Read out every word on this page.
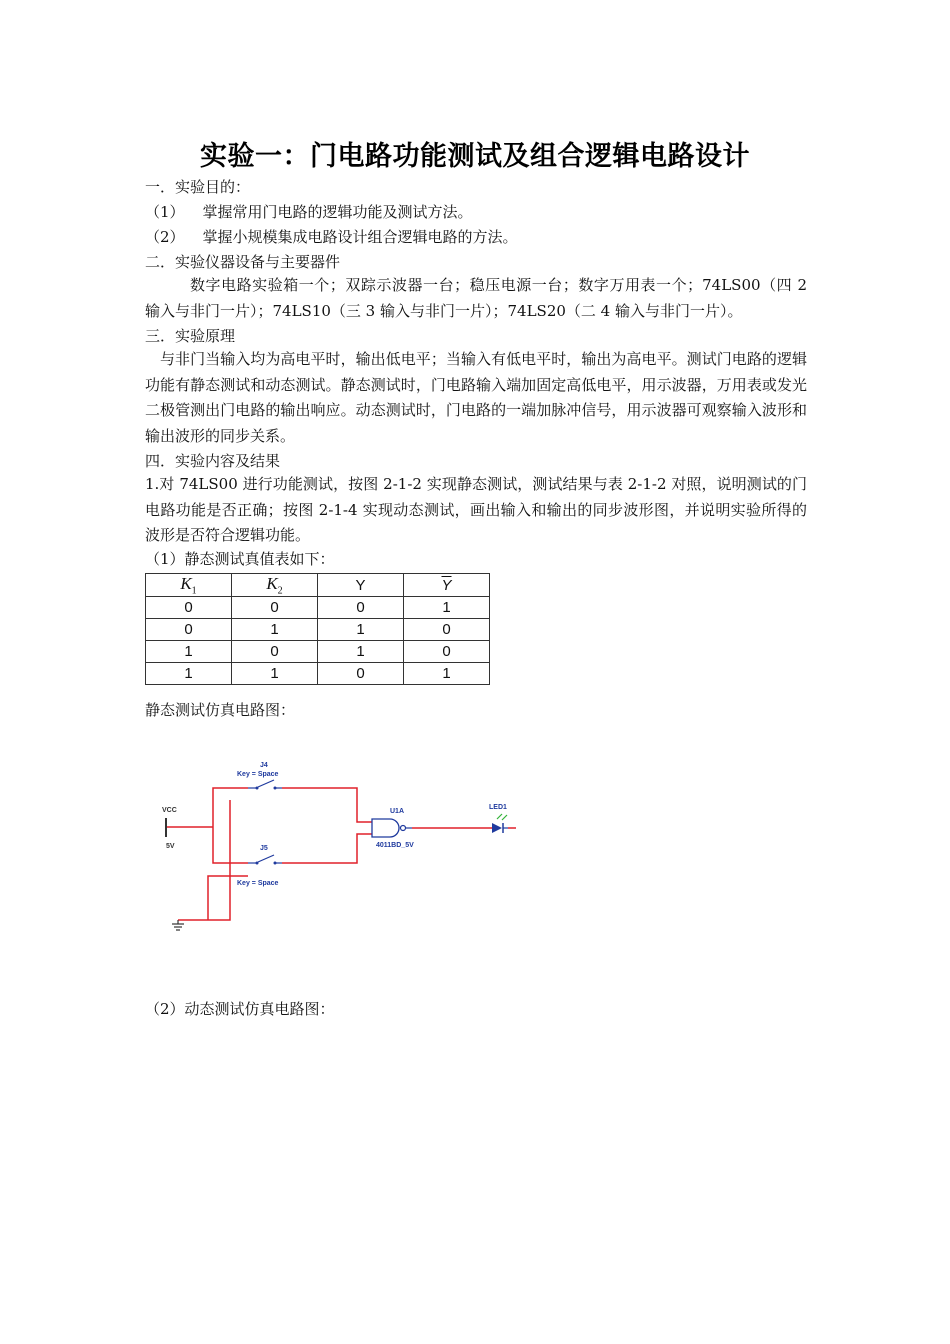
实验一：门电路功能测试及组合逻辑电路设计
一．实验目的：
（1） 掌握常用门电路的逻辑功能及测试方法。
（2） 掌握小规模集成电路设计组合逻辑电路的方法。
二．实验仪器设备与主要器件
数字电路实验箱一个；双踪示波器一台；稳压电源一台；数字万用表一个；74LS00（四 2 输入与非门一片）；74LS10（三 3 输入与非门一片）；74LS20（二 4 输入与非门一片）。
三．实验原理
与非门当输入均为高电平时，输出低电平；当输入有低电平时，输出为高电平。测试门电路的逻辑功能有静态测试和动态测试。静态测试时，门电路输入端加固定高低电平，用示波器，万用表或发光二极管测出门电路的输出响应。动态测试时，门电路的一端加脉冲信号，用示波器可观察输入波形和输出波形的同步关系。
四．实验内容及结果
1.对 74LS00 进行功能测试，按图 2-1-2 实现静态测试，测试结果与表 2-1-2 对照，说明测试的门电路功能是否正确；按图 2-1-4 实现动态测试，画出输入和输出的同步波形图，并说明实验所得的波形是否符合逻辑功能。
（1）静态测试真值表如下：
$K_1$	$K_2$	Y	$\overline{Y}$
0	0	0	1
0	1	1	0
1	0	1	0
1	1	0	1
静态测试仿真电路图：
VCC
5V
J4
Key = Space
J5
Key = Space
U1A
4011BD_5V
LED1
（2）动态测试仿真电路图：
